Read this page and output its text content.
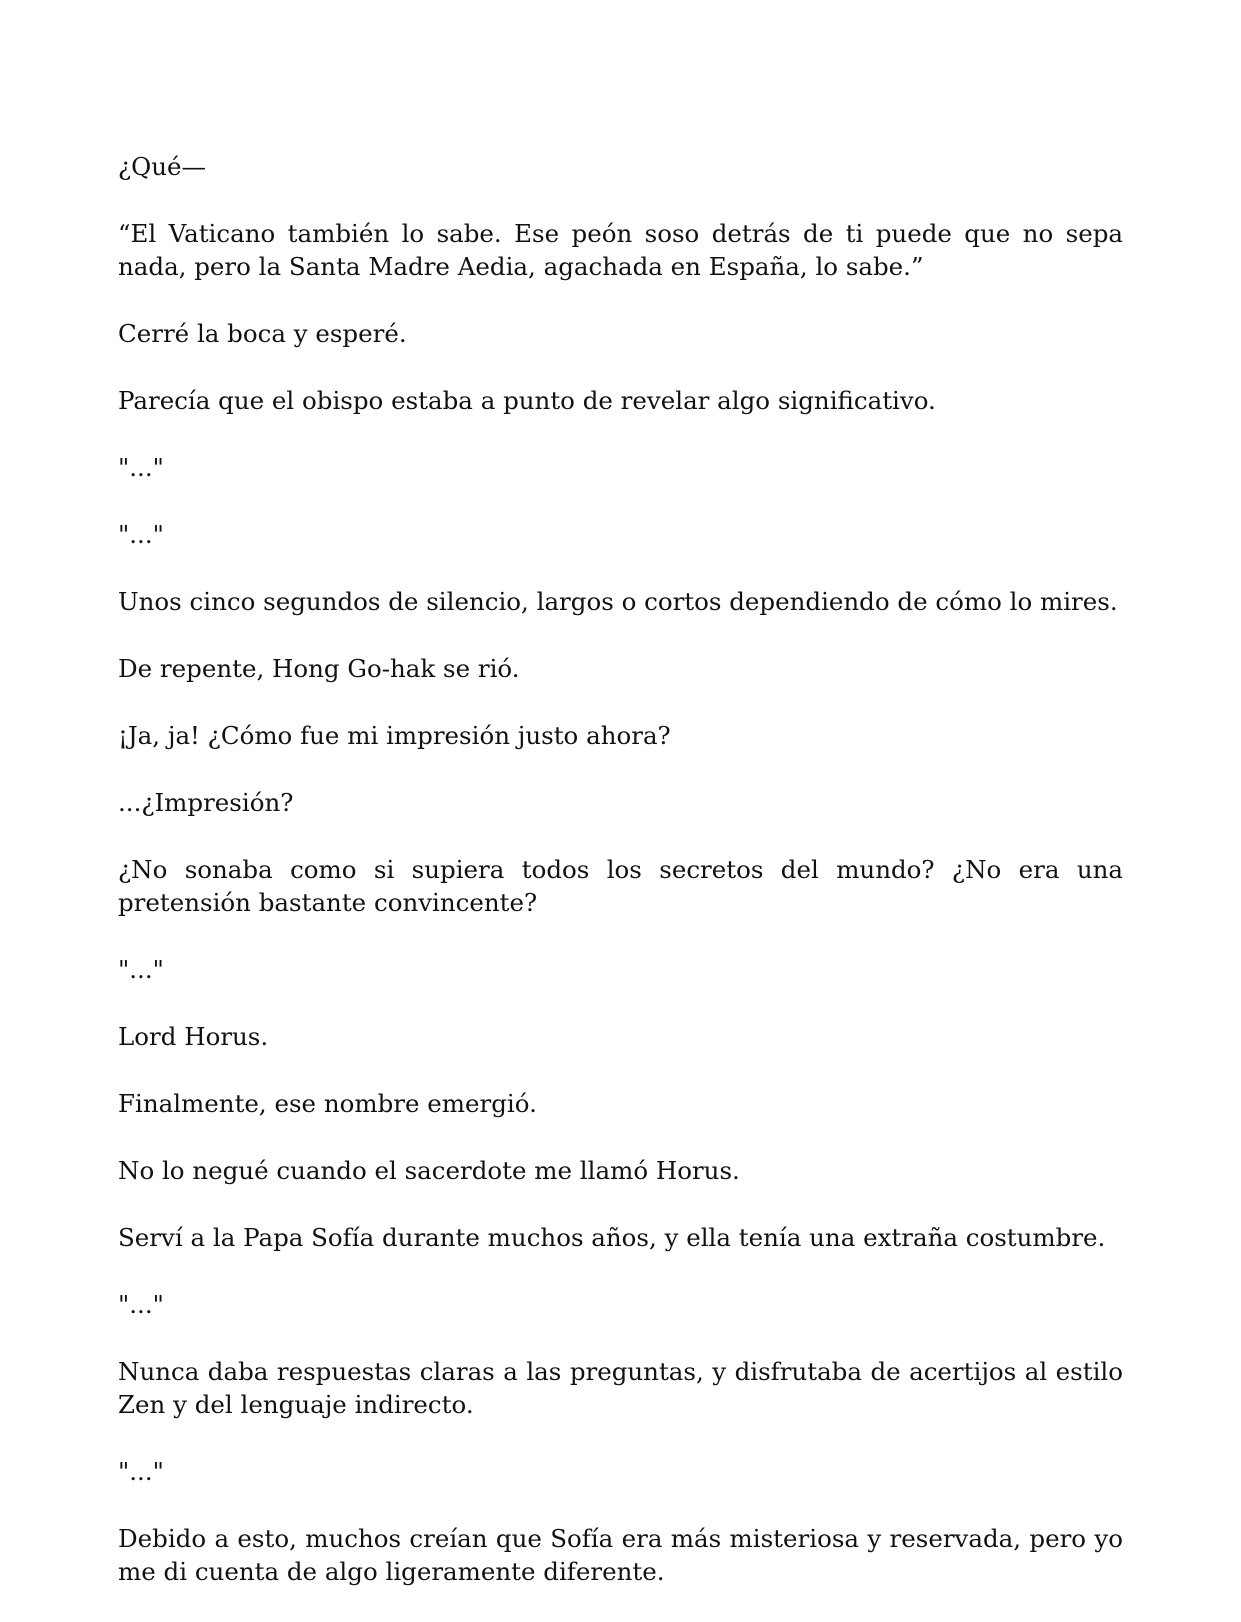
¿Qué—

“El Vaticano también lo sabe. Ese peón soso detrás de ti puede que no sepa nada, pero la Santa Madre Aedia, agachada en España, lo sabe.”

Cerré la boca y esperé.

Parecía que el obispo estaba a punto de revelar algo significativo.

"..."

"..."

Unos cinco segundos de silencio, largos o cortos dependiendo de cómo lo mires.

De repente, Hong Go-hak se rió.

¡Ja, ja! ¿Cómo fue mi impresión justo ahora?

...¿Impresión?

¿No sonaba como si supiera todos los secretos del mundo? ¿No era una pretensión bastante convincente?

"..."

Lord Horus.

Finalmente, ese nombre emergió.

No lo negué cuando el sacerdote me llamó Horus.

Serví a la Papa Sofía durante muchos años, y ella tenía una extraña costumbre.

"..."

Nunca daba respuestas claras a las preguntas, y disfrutaba de acertijos al estilo Zen y del lenguaje indirecto.

"..."

Debido a esto, muchos creían que Sofía era más misteriosa y reservada, pero yo me di cuenta de algo ligeramente diferente.
